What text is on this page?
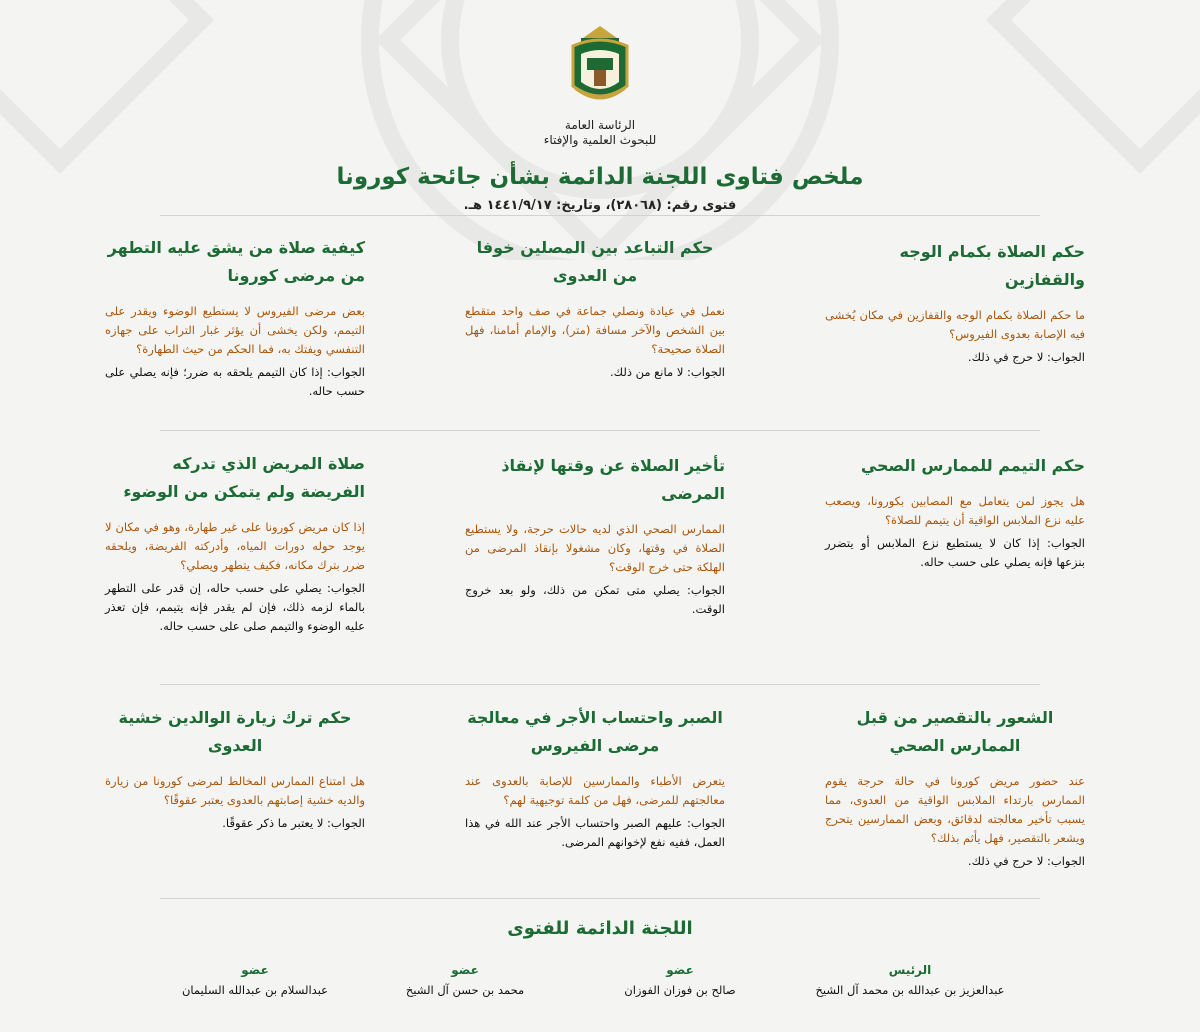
الرئاسة العامة
للبحوث العلمية والإفتاء
ملخص فتاوى اللجنة الدائمة بشأن جائحة كورونا
فتوى رقم: (٢٨٠٦٨)، وتاريخ: ١٤٤١/٩/١٧ هـ.
حكم الصلاة بكمام الوجه والقفازين
ما حكم الصلاة بكمام الوجه والقفازين في مكان يُخشى فيه الإصابة بعدوى الفيروس؟
الجواب: لا حرج في ذلك.
حكم التباعد بين المصلين خوفا من العدوى
نعمل في عيادة ونصلي جماعة في صف واحد متقطع بين الشخص والآخر مسافة (متر)، والإمام أمامنا، فهل الصلاة صحيحة؟
الجواب: لا مانع من ذلك.
كيفية صلاة من يشق عليه التطهر من مرضى كورونا
بعض مرضى الفيروس لا يستطيع الوضوء ويقدر على التيمم، ولكن يخشى أن يؤثر غبار التراب على جهازه التنفسي ويفتك به، فما الحكم من حيث الطهارة؟
الجواب: إذا كان التيمم يلحقه به ضرر؛ فإنه يصلي على حسب حاله.
حكم التيمم للممارس الصحي
هل يجوز لمن يتعامل مع المصابين بكورونا، ويصعب عليه نزع الملابس الواقية أن يتيمم للصلاة؟
الجواب: إذا كان لا يستطيع نزع الملابس أو يتضرر بنزعها فإنه يصلي على حسب حاله.
تأخير الصلاة عن وقتها لإنقاذ المرضى
الممارس الصحي الذي لديه حالات حرجة، ولا يستطيع الصلاة في وقتها، وكان مشغولا بإنقاذ المرضى من الهلكة حتى خرج الوقت؟
الجواب: يصلي متى تمكن من ذلك، ولو بعد خروج الوقت.
صلاة المريض الذي تدركه الفريضة ولم يتمكن من الوضوء
إذا كان مريض كورونا على غير طهارة، وهو في مكان لا يوجد حوله دورات المياه، وأدركته الفريضة، ويلحقه ضرر بترك مكانه، فكيف يتطهر ويصلي؟
الجواب: يصلي على حسب حاله، إن قدر على التطهر بالماء لزمه ذلك، فإن لم يقدر فإنه يتيمم، فإن تعذر عليه الوضوء والتيمم صلى على حسب حاله.
الشعور بالتقصير من قبل الممارس الصحي
عند حضور مريض كورونا في حالة حرجة يقوم الممارس بارتداء الملابس الواقية من العدوى، مما يسبب تأخير معالجته لدقائق، وبعض الممارسين يتحرج ويشعر بالتقصير، فهل يأثم بذلك؟
الجواب: لا حرج في ذلك.
الصبر واحتساب الأجر في معالجة مرضى الفيروس
يتعرض الأطباء والممارسين للإصابة بالعدوى عند معالجتهم للمرضى، فهل من كلمة توجيهية لهم؟
الجواب: عليهم الصبر واحتساب الأجر عند الله في هذا العمل، ففيه نفع لإخوانهم المرضى.
حكم ترك زيارة الوالدين خشية العدوى
هل امتناع الممارس المخالط لمرضى كورونا من زيارة والديه خشية إصابتهم بالعدوى يعتبر عقوقًا؟
الجواب: لا يعتبر ما ذكر عقوقًا.
اللجنة الدائمة للفتوى
الرئيس
عبدالعزيز بن عبدالله بن محمد آل الشيخ
عضو
صالح بن فوزان الفوزان
عضو
محمد بن حسن آل الشيخ
عضو
عبدالسلام بن عبدالله السليمان
